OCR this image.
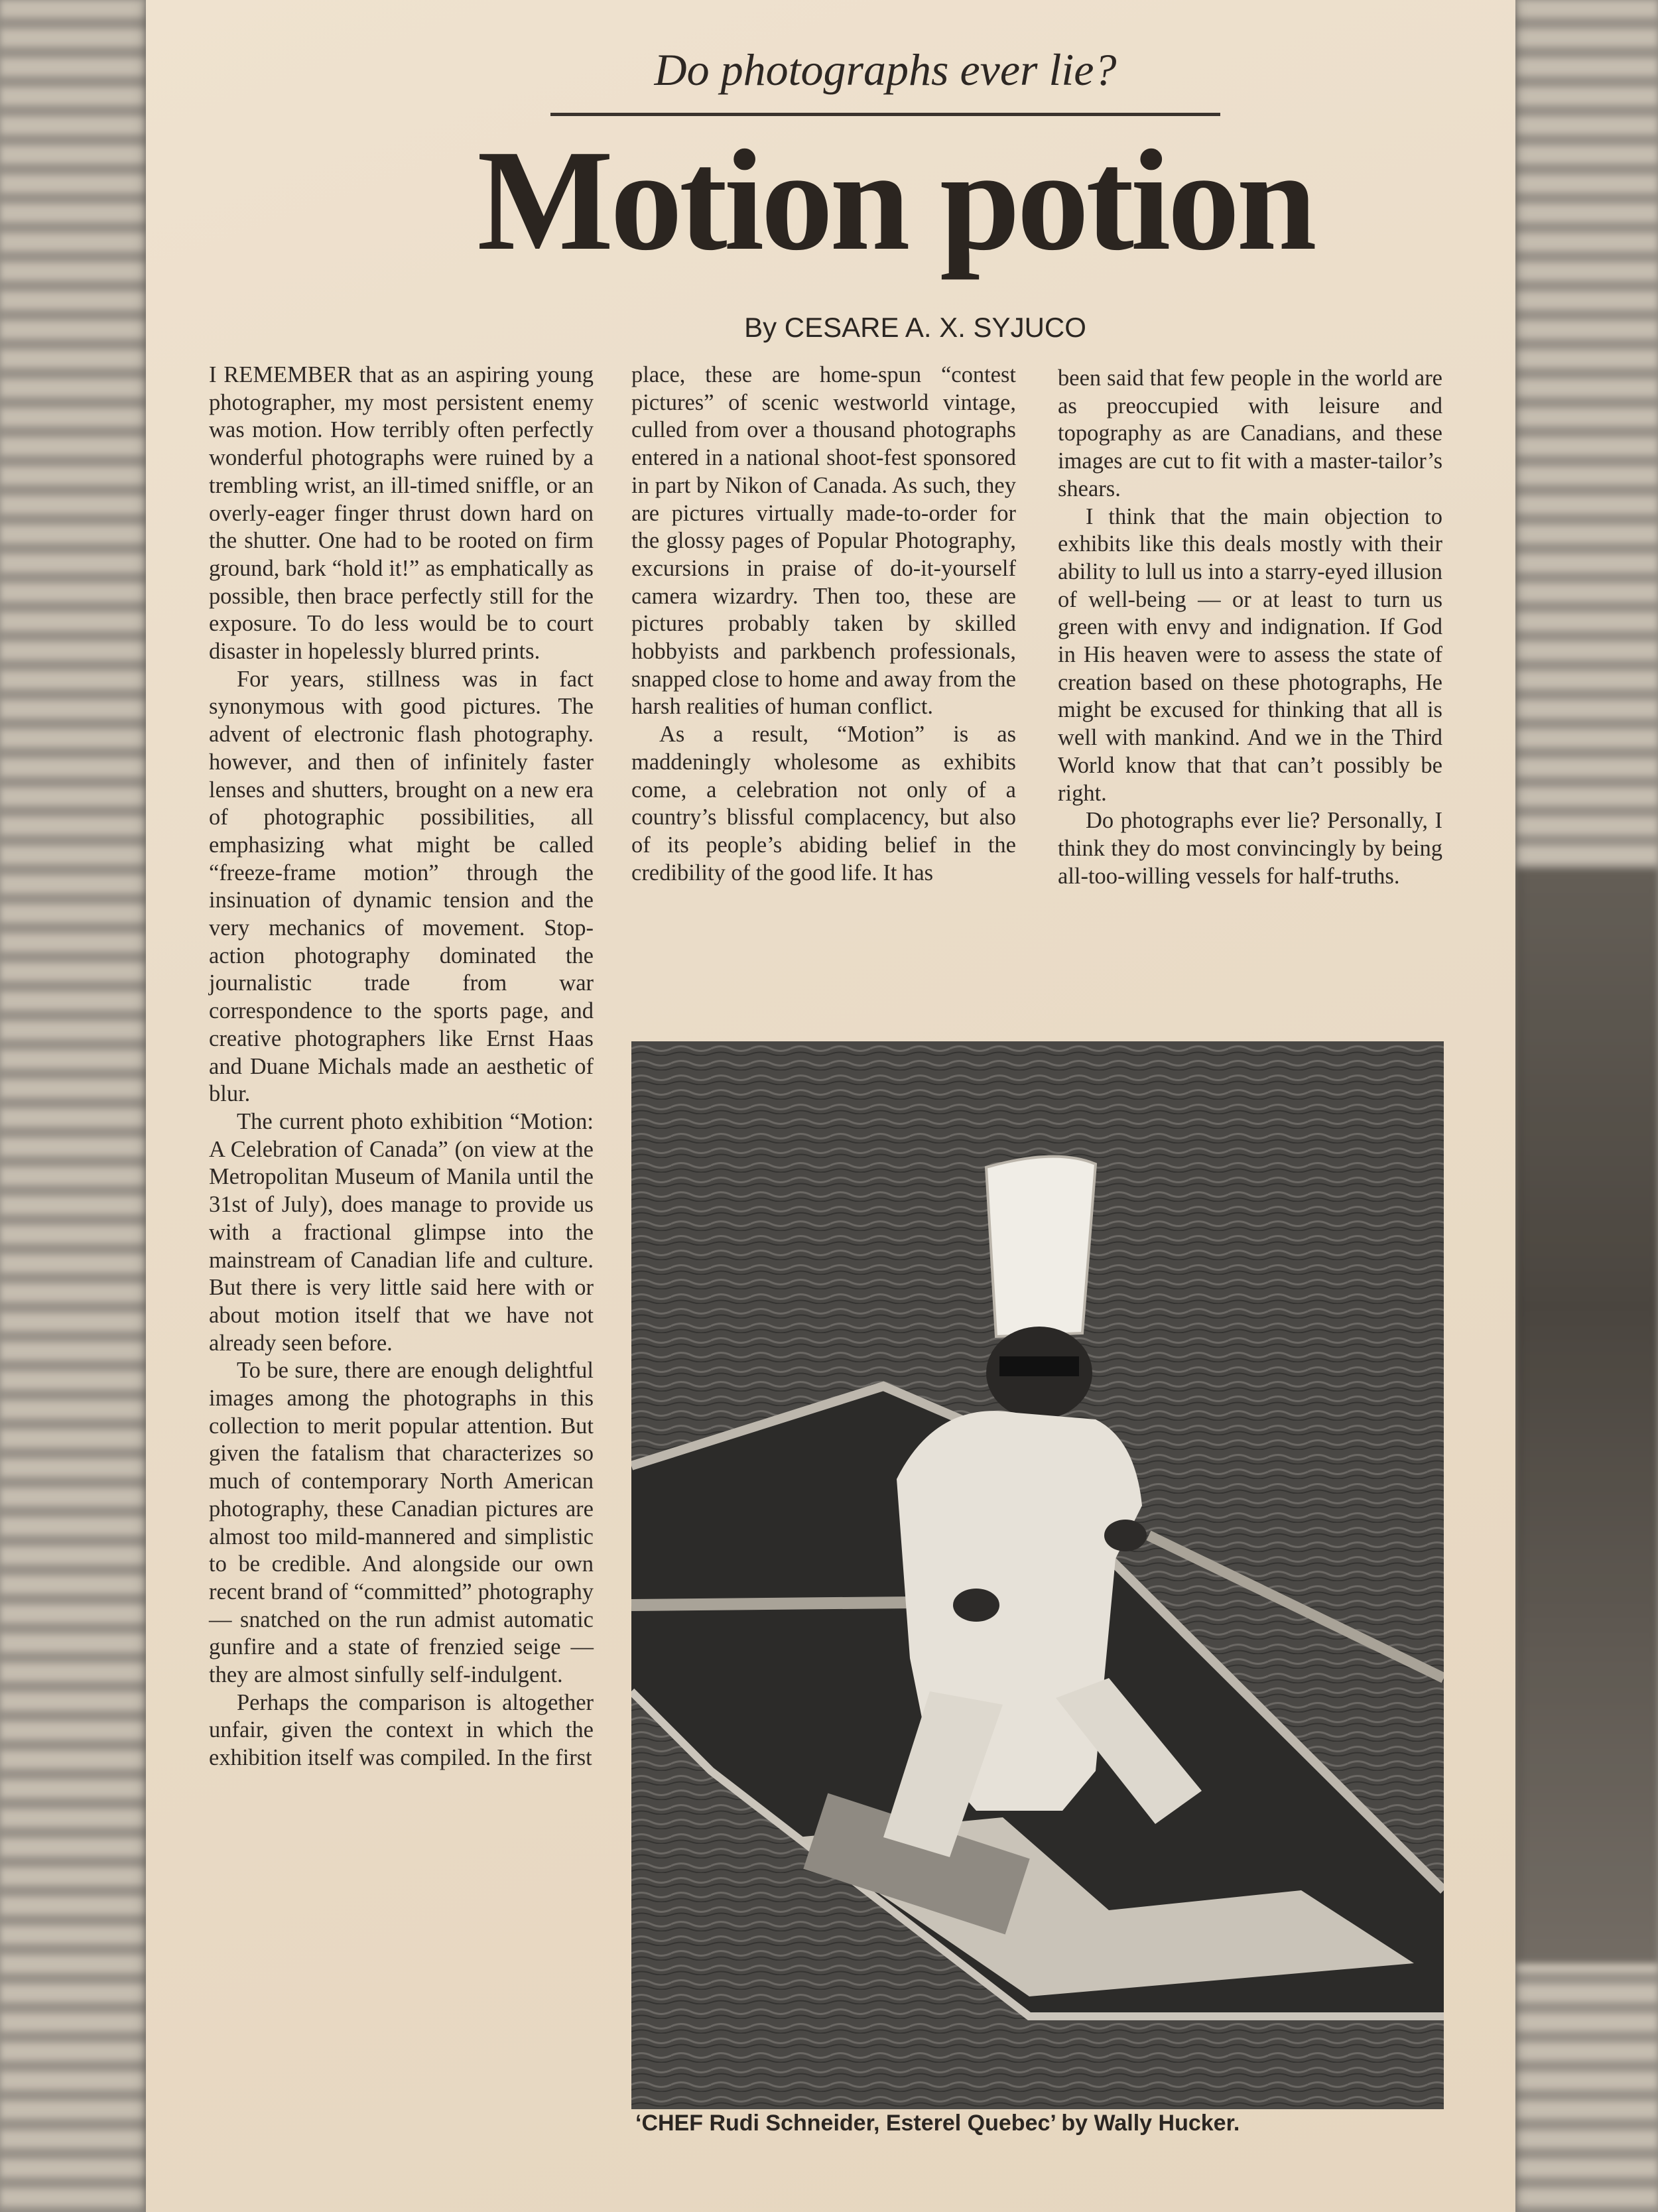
Do photographs ever lie?
Motion potion
By CESARE A. X. SYJUCO

I REMEMBER that as an aspiring young photographer, my most persistent enemy was motion. How terribly often perfectly wonderful photographs were ruined by a trembling wrist, an ill-timed sniffle, or an overly-eager finger thrust down hard on the shutter. One had to be rooted on firm ground, bark “hold it!” as emphatically as possible, then brace perfectly still for the exposure. To do less would be to court disaster in hopelessly blurred prints.

For years, stillness was in fact synonymous with good pictures. The advent of electronic flash photography. however, and then of infinitely faster lenses and shutters, brought on a new era of photographic possibilities, all emphasizing what might be called “freeze-frame motion” through the insinuation of dynamic tension and the very mechanics of movement. Stop-action photography dominated the journalistic trade from war correspondence to the sports page, and creative photographers like Ernst Haas and Duane Michals made an aesthetic of blur.

The current photo exhibition “Motion: A Celebration of Canada” (on view at the Metropolitan Museum of Manila until the 31st of July), does manage to provide us with a fractional glimpse into the mainstream of Canadian life and culture. But there is very little said here with or about motion itself that we have not already seen before.

To be sure, there are enough delightful images among the photographs in this collection to merit popular attention. But given the fatalism that characterizes so much of contemporary North American photography, these Canadian pictures are almost too mild-mannered and simplistic to be credible. And alongside our own recent brand of “committed” photography — snatched on the run admist automatic gunfire and a state of frenzied seige — they are almost sinfully self-indulgent.

Perhaps the comparison is altogether unfair, given the context in which the exhibition itself was compiled. In the first

place, these are home-spun “contest pictures” of scenic westworld vintage, culled from over a thousand photographs entered in a national shoot-fest sponsored in part by Nikon of Canada. As such, they are pictures virtually made-to-order for the glossy pages of Popular Photography, excursions in praise of do-it-yourself camera wizardry. Then too, these are pictures probably taken by skilled hobbyists and parkbench professionals, snapped close to home and away from the harsh realities of human conflict.

As a result, “Motion” is as maddeningly wholesome as exhibits come, a celebration not only of a country’s blissful complacency, but also of its people’s abiding belief in the credibility of the good life. It has

been said that few people in the world are as preoccupied with leisure and topography as are Canadians, and these images are cut to fit with a master-tailor’s shears.

I think that the main objection to exhibits like this deals mostly with their ability to lull us into a starry-eyed illusion of well-being — or at least to turn us green with envy and indignation. If God in His heaven were to assess the state of creation based on these photographs, He might be excused for thinking that all is well with mankind. And we in the Third World know that that can’t possibly be right.

Do photographs ever lie? Personally, I think they do most convincingly by being all-too-willing vessels for half-truths.

‘CHEF Rudi Schneider, Esterel Quebec’ by Wally Hucker.
